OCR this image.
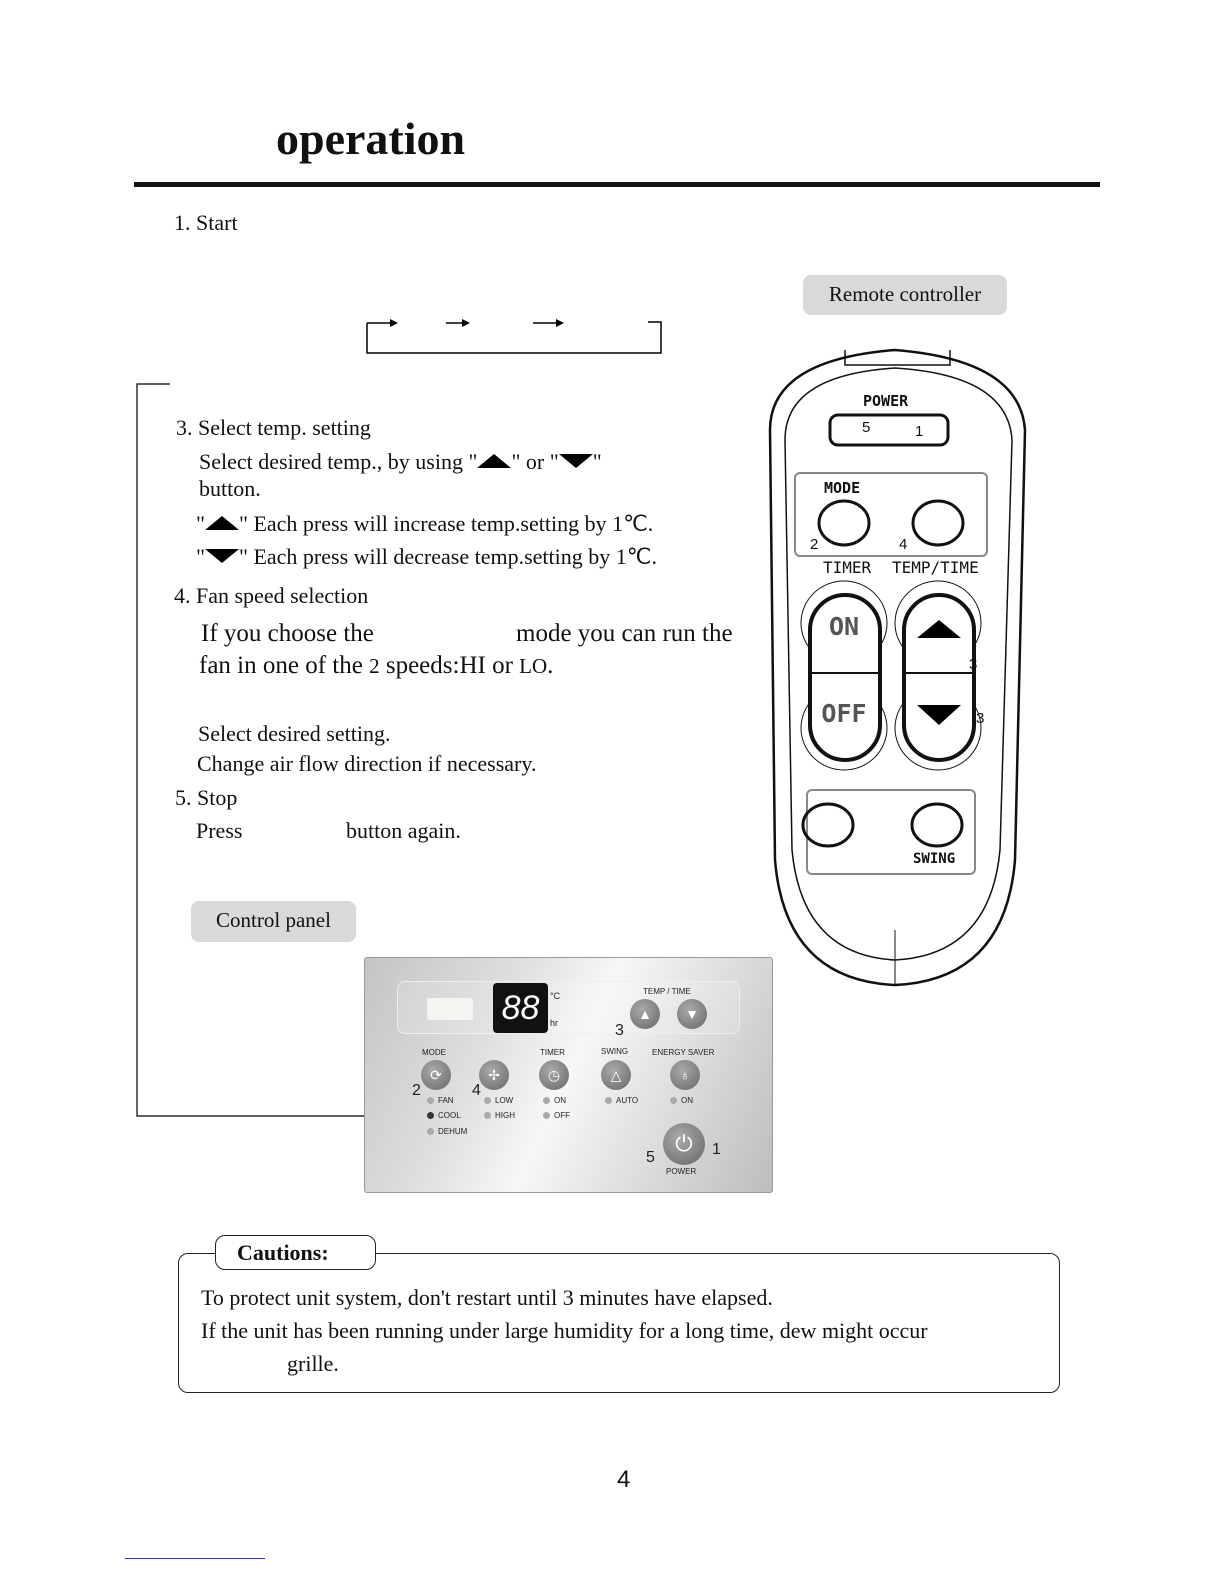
operation
1. Start
Remote controller
3. Select temp. setting
Select desired temp., by using " " or " "
button.
" " Each press will increase temp.setting by 1℃.
" " Each press will decrease temp.setting by 1℃.
4. Fan speed selection
If you choose the	mode you can run the
fan in one of the 2 speeds:HI or LO.
Select desired setting.
Change air flow direction if necessary.
5. Stop
Press	button again.
Control panel
88	°C
hr
TEMP / TIME
▲	▼
MODE	TIMER	SWING	ENERGY SAVER
⟳	✢	◷	△	♁
FAN
COOL
DEHUM
LOW
HIGH
ON
OFF
AUTO	ON
⏻
POWER
2	4
3
5	1
POWER
5	1
MODE
2	4
TIMER TEMP/TIME
ON
OFF
3
3
SWING
Cautions:
To protect unit system, don't restart until 3 minutes have elapsed.
If the unit has been running under large humidity for a long time, dew might occur
grille.
4
